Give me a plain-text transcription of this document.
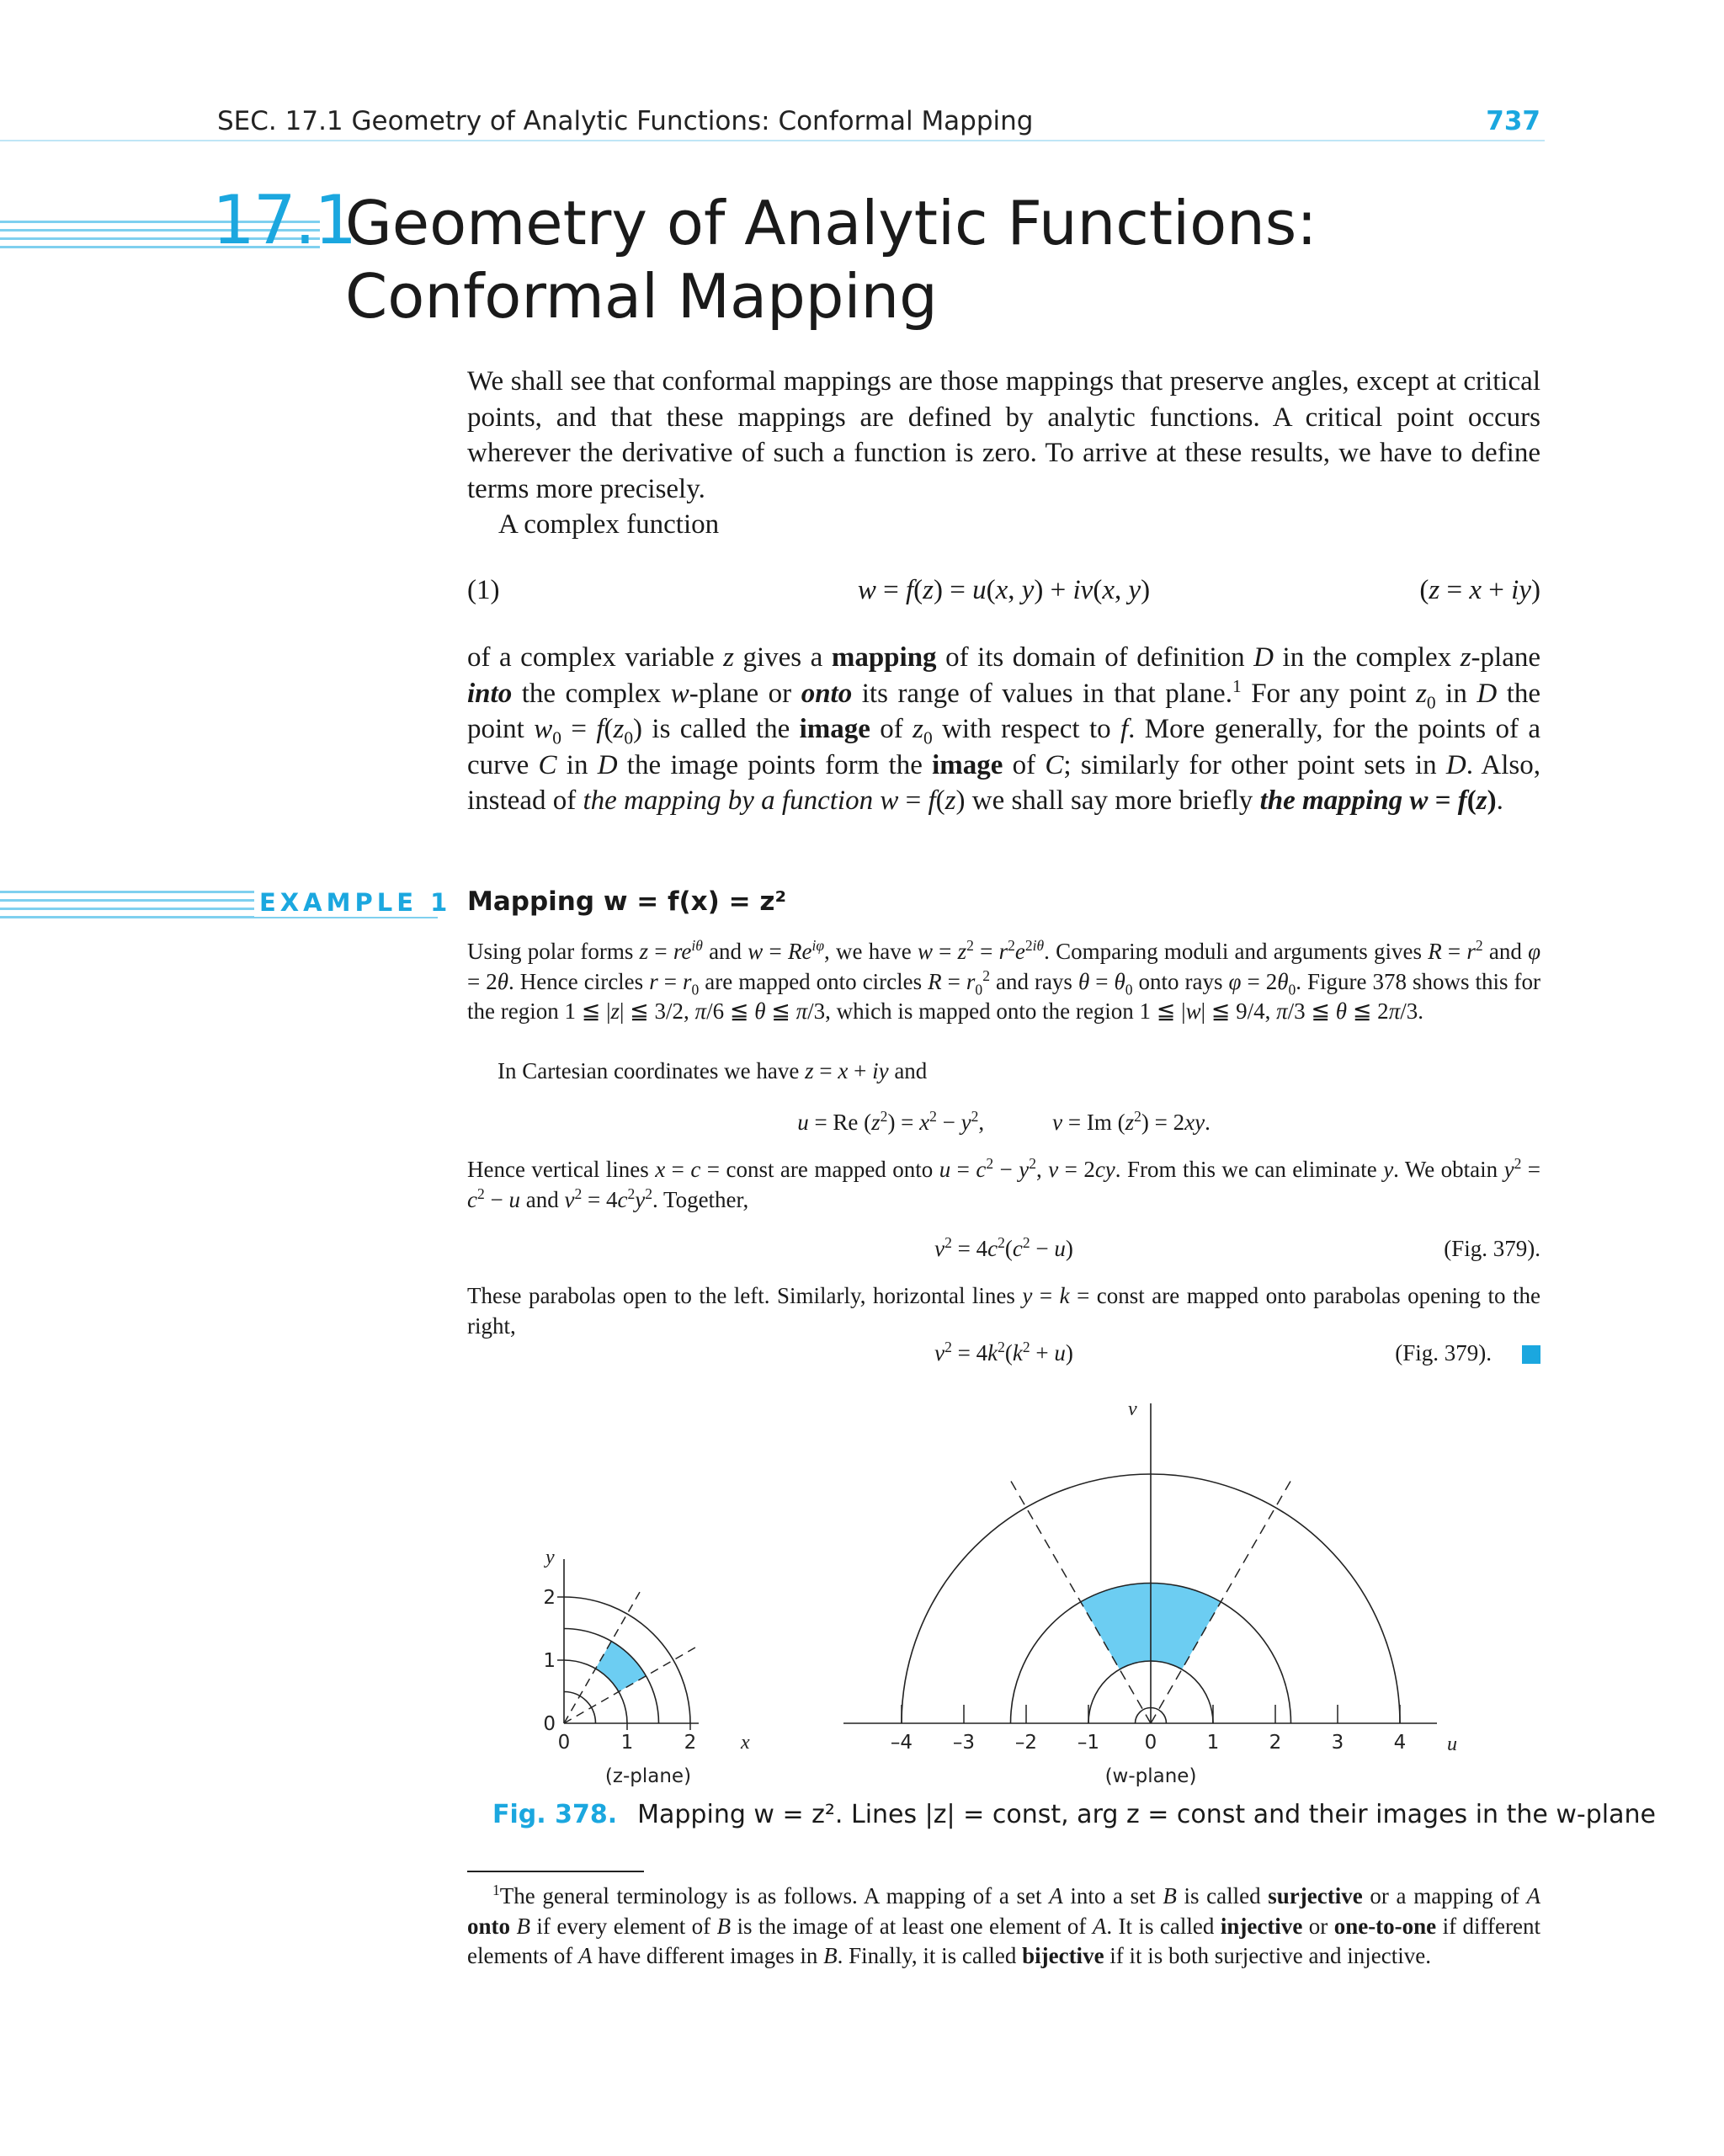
SEC. 17.1 Geometry of Analytic Functions: Conformal Mapping	737
17.1
Geometry of Analytic Functions:
Conformal Mapping

We shall see that conformal mappings are those mappings that preserve angles, except at critical points, and that these mappings are defined by analytic functions. A critical point occurs wherever the derivative of such a function is zero. To arrive at these results, we have to define terms more precisely.
A complex function

(1)	w = f(z) = u(x, y) + iv(x, y)	(z = x + iy)

of a complex variable z gives a mapping of its domain of definition D in the complex z-plane into the complex w-plane or onto its range of values in that plane.$^1$ For any point $z_0$ in D the point $w_0 = f(z_0)$ is called the image of $z_0$ with respect to f. More generally, for the points of a curve C in D the image points form the image of C; similarly for other point sets in D. Also, instead of the mapping by a function w = f(z) we shall say more briefly the mapping w = f(z).

EXAMPLE 1 Mapping w = f(x) = z²

Using polar forms $z = re^{i\theta}$ and $w = Re^{i\varphi}$, we have $w = z^2 = r^2e^{2i\theta}$. Comparing moduli and arguments gives $R = r^2$ and φ = 2θ. Hence circles $r = r_0$ are mapped onto circles $R = r_0^2$ and rays $\theta = \theta_0$ onto rays $\varphi = 2\theta_0$. Figure 378 shows this for the region 1 ≦ |z| ≦ 3/2, π/6 ≦ θ ≦ π/3, which is mapped onto the region 1 ≦ |w| ≦ 9/4, π/3 ≦ θ ≦ 2π/3.

In Cartesian coordinates we have z = x + iy and

u = Re $(z^2) = x^2 - y^2$,            v = Im $(z^2) = 2xy$.

Hence vertical lines x = c = const are mapped onto $u = c^2 - y^2$, v = 2cy. From this we can eliminate y. We obtain $y^2 = c^2 - u$ and $v^2 = 4c^2y^2$. Together,

$v^2 = 4c^2(c^2 - u)$	(Fig. 379).

These parabolas open to the left. Similarly, horizontal lines y = k = const are mapped onto parabolas opening to the right,

$v^2 = 4k^2(k^2 + u)$	(Fig. 379).
0	1	2
0
1
2
x
y
(z-plane)
–4 –3 –2 –1 0	1	2	3	4 u
v
(w-plane)
Fig. 378. Mapping w = z². Lines |z| = const, arg z = const and their images in the w-plane

$^1$The general terminology is as follows. A mapping of a set A into a set B is called surjective or a mapping of A onto B if every element of B is the image of at least one element of A. It is called injective or one-to-one if different elements of A have different images in B. Finally, it is called bijective if it is both surjective and injective.
